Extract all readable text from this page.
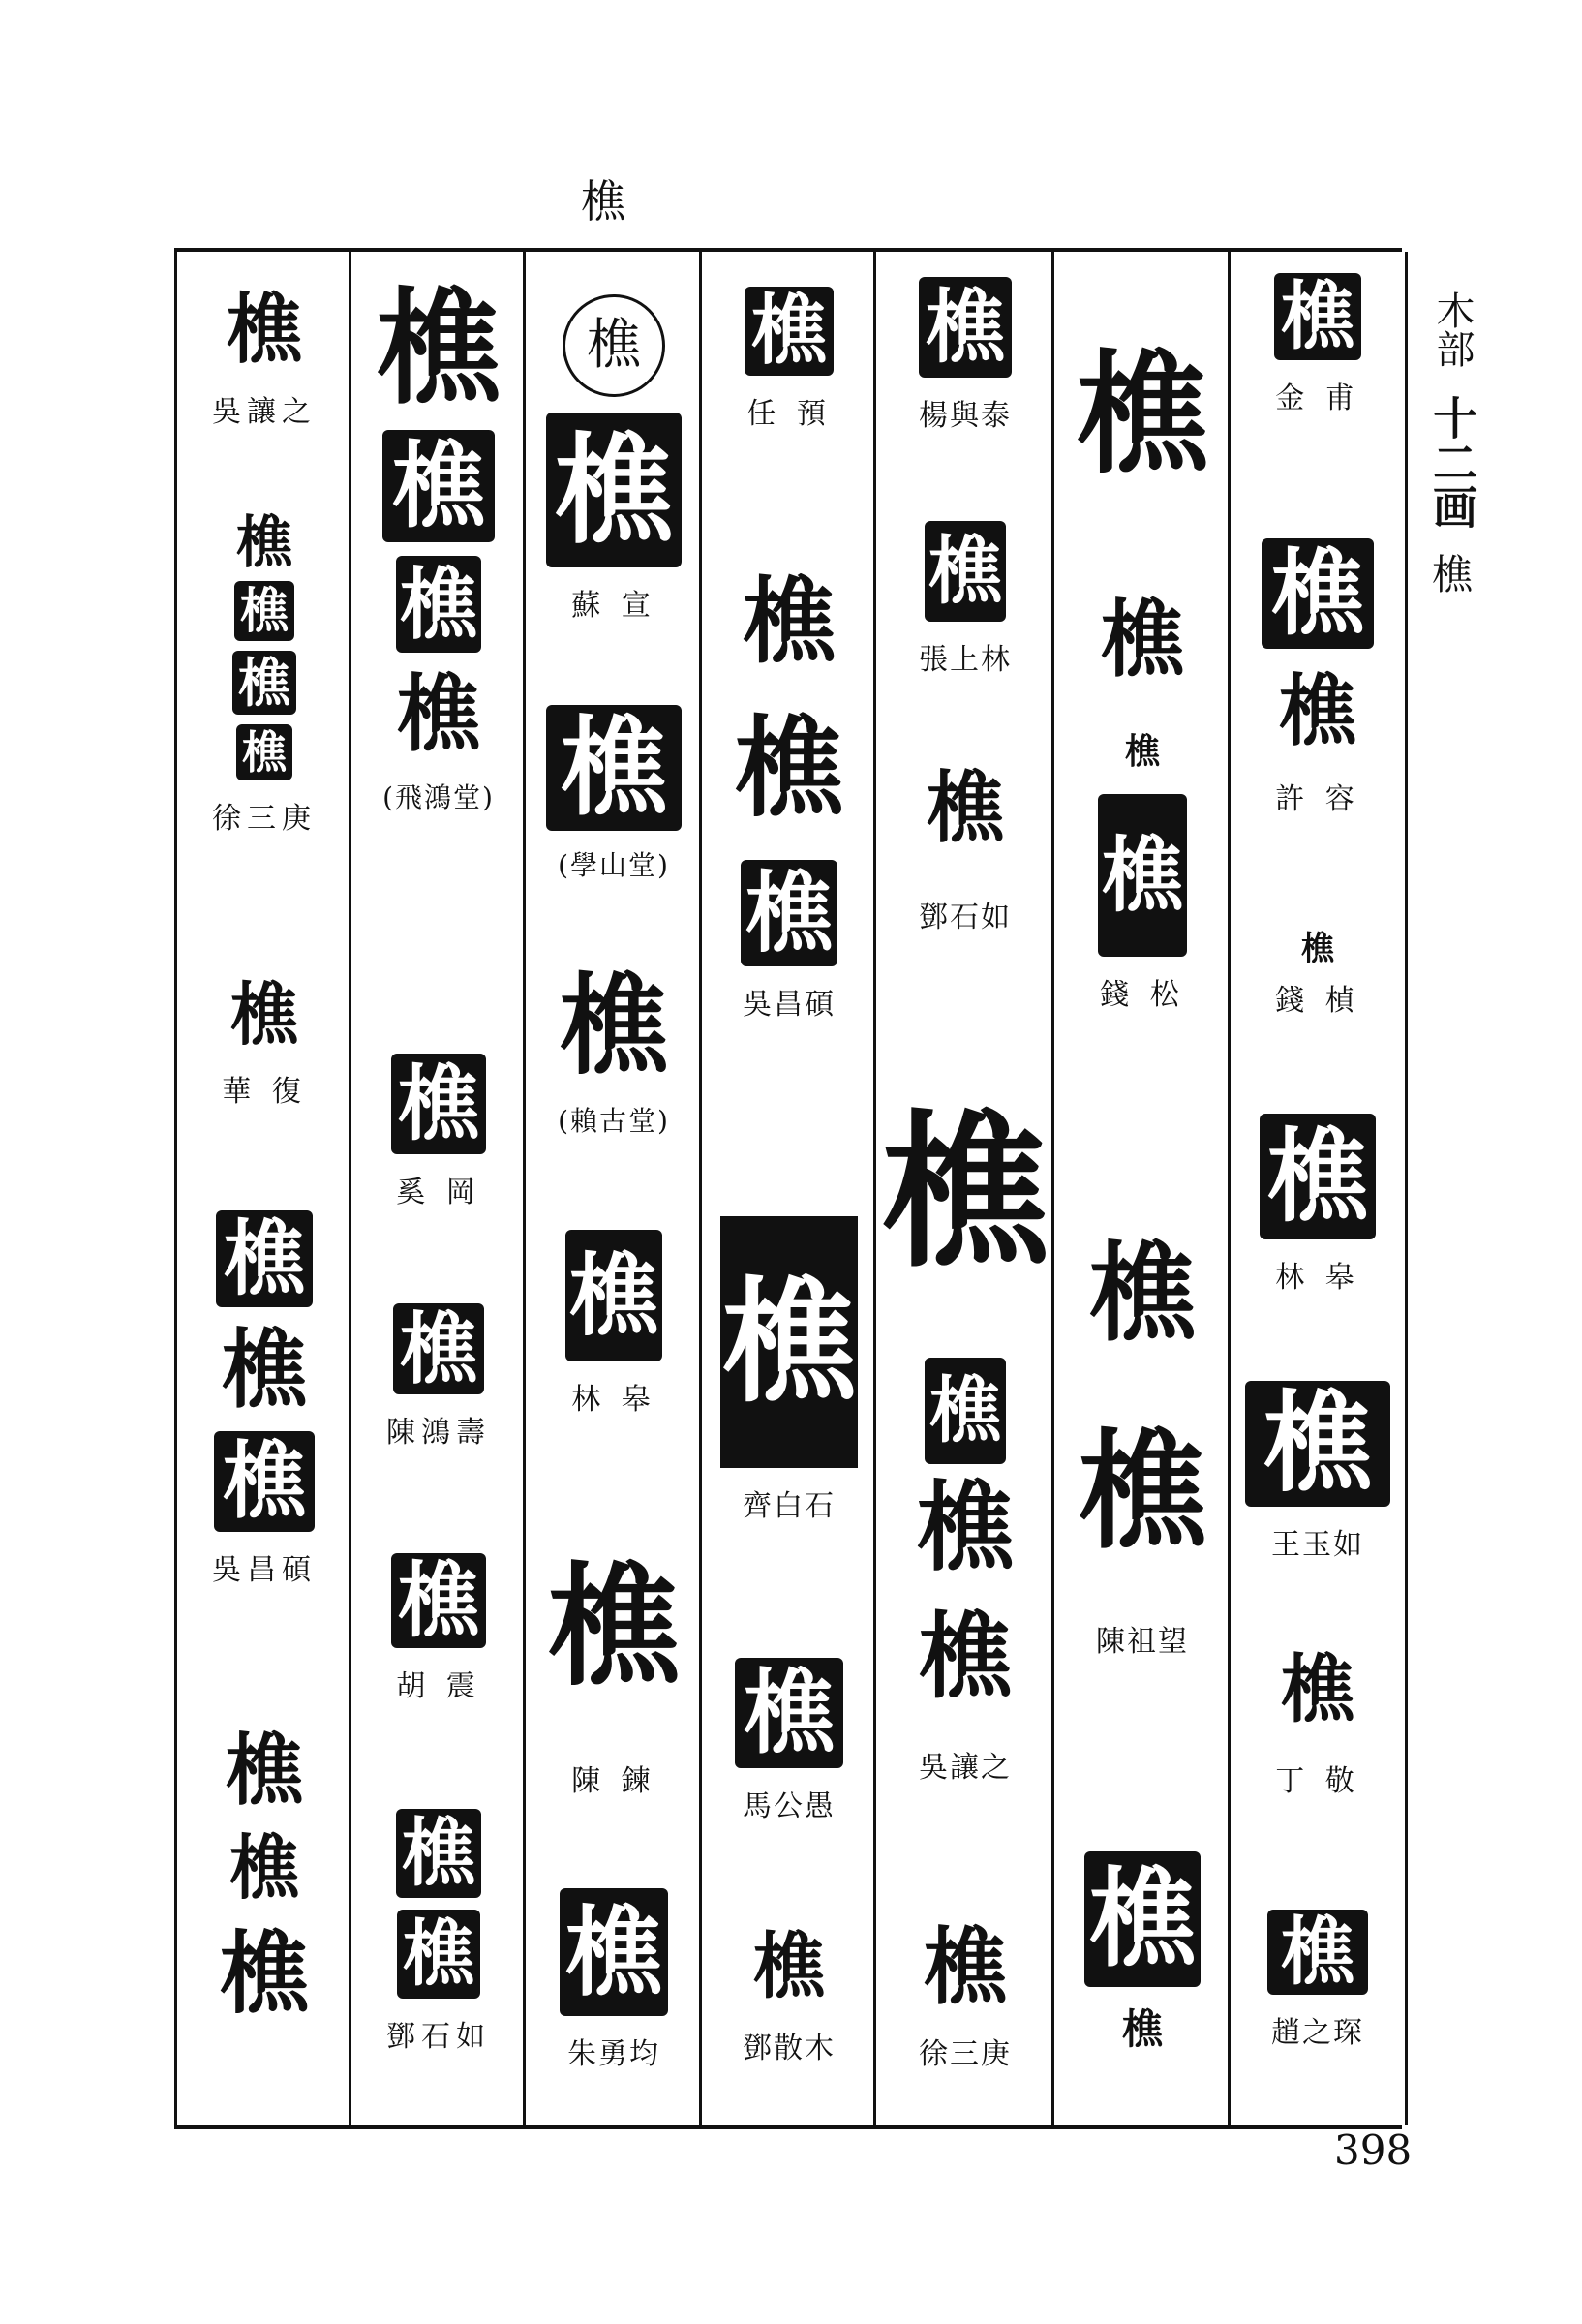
樵
樵
吳讓之
樵
樵
樵
樵
徐三庚
樵
華 復
樵
樵
樵
吳昌碩
樵
樵
樵
樵
樵
樵
樵
(飛鴻堂)
樵
奚 岡
樵
陳鴻壽
樵
胡 震
樵
樵
鄧石如
樵
樵
蘇 宣
樵
(學山堂)
樵
(賴古堂)
樵
林 皋
樵
陳 鍊
樵
朱勇均
樵
任 預
樵
樵
樵
吳昌碩
樵
齊白石
樵
馬公愚
樵
鄧散木
樵
楊與泰
樵
張上林
樵
鄧石如
樵
樵
樵
樵
吳讓之
樵
徐三庚
樵
樵
樵
樵
錢 松
樵
樵
陳祖望
樵
樵
樵
金 甫
樵
樵
許 容
樵
錢 楨
樵
林 皋
樵
王玉如
樵
丁 敬
樵
趙之琛
木部
十二画
樵
398
